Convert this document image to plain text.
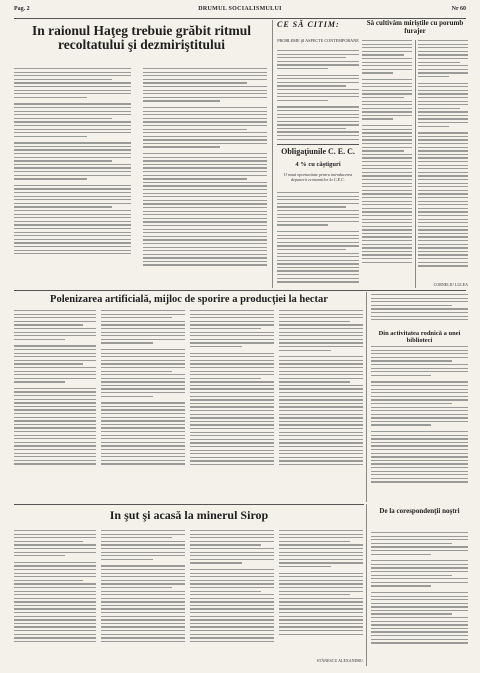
DRUMUL SOCIALISMULUI
Pag. 2	Nr 60
In raionul Haţeg trebuie grăbit ritmul recoltatului şi dezmiriştitului
CE SĂ CITIM:
PROBLEME ŞI ASPECTE CONTEMPORANE
Să cultivăm miriştile cu porumb furajer
Obligaţiunile C. E. C.
4 % cu câştiguri
O nouă oportunitate pentru introducerea depunerii economiilor la C.E.C.
Polenizarea artificială, mijloc de sporire a producţiei la hectar
Din activitatea rodnică a unei biblioteci
In şut şi acasă la minerul Sirop
STĂNESCU ALEXANDRU
De la corespondenţii noştri
CORNELIU LULEA
